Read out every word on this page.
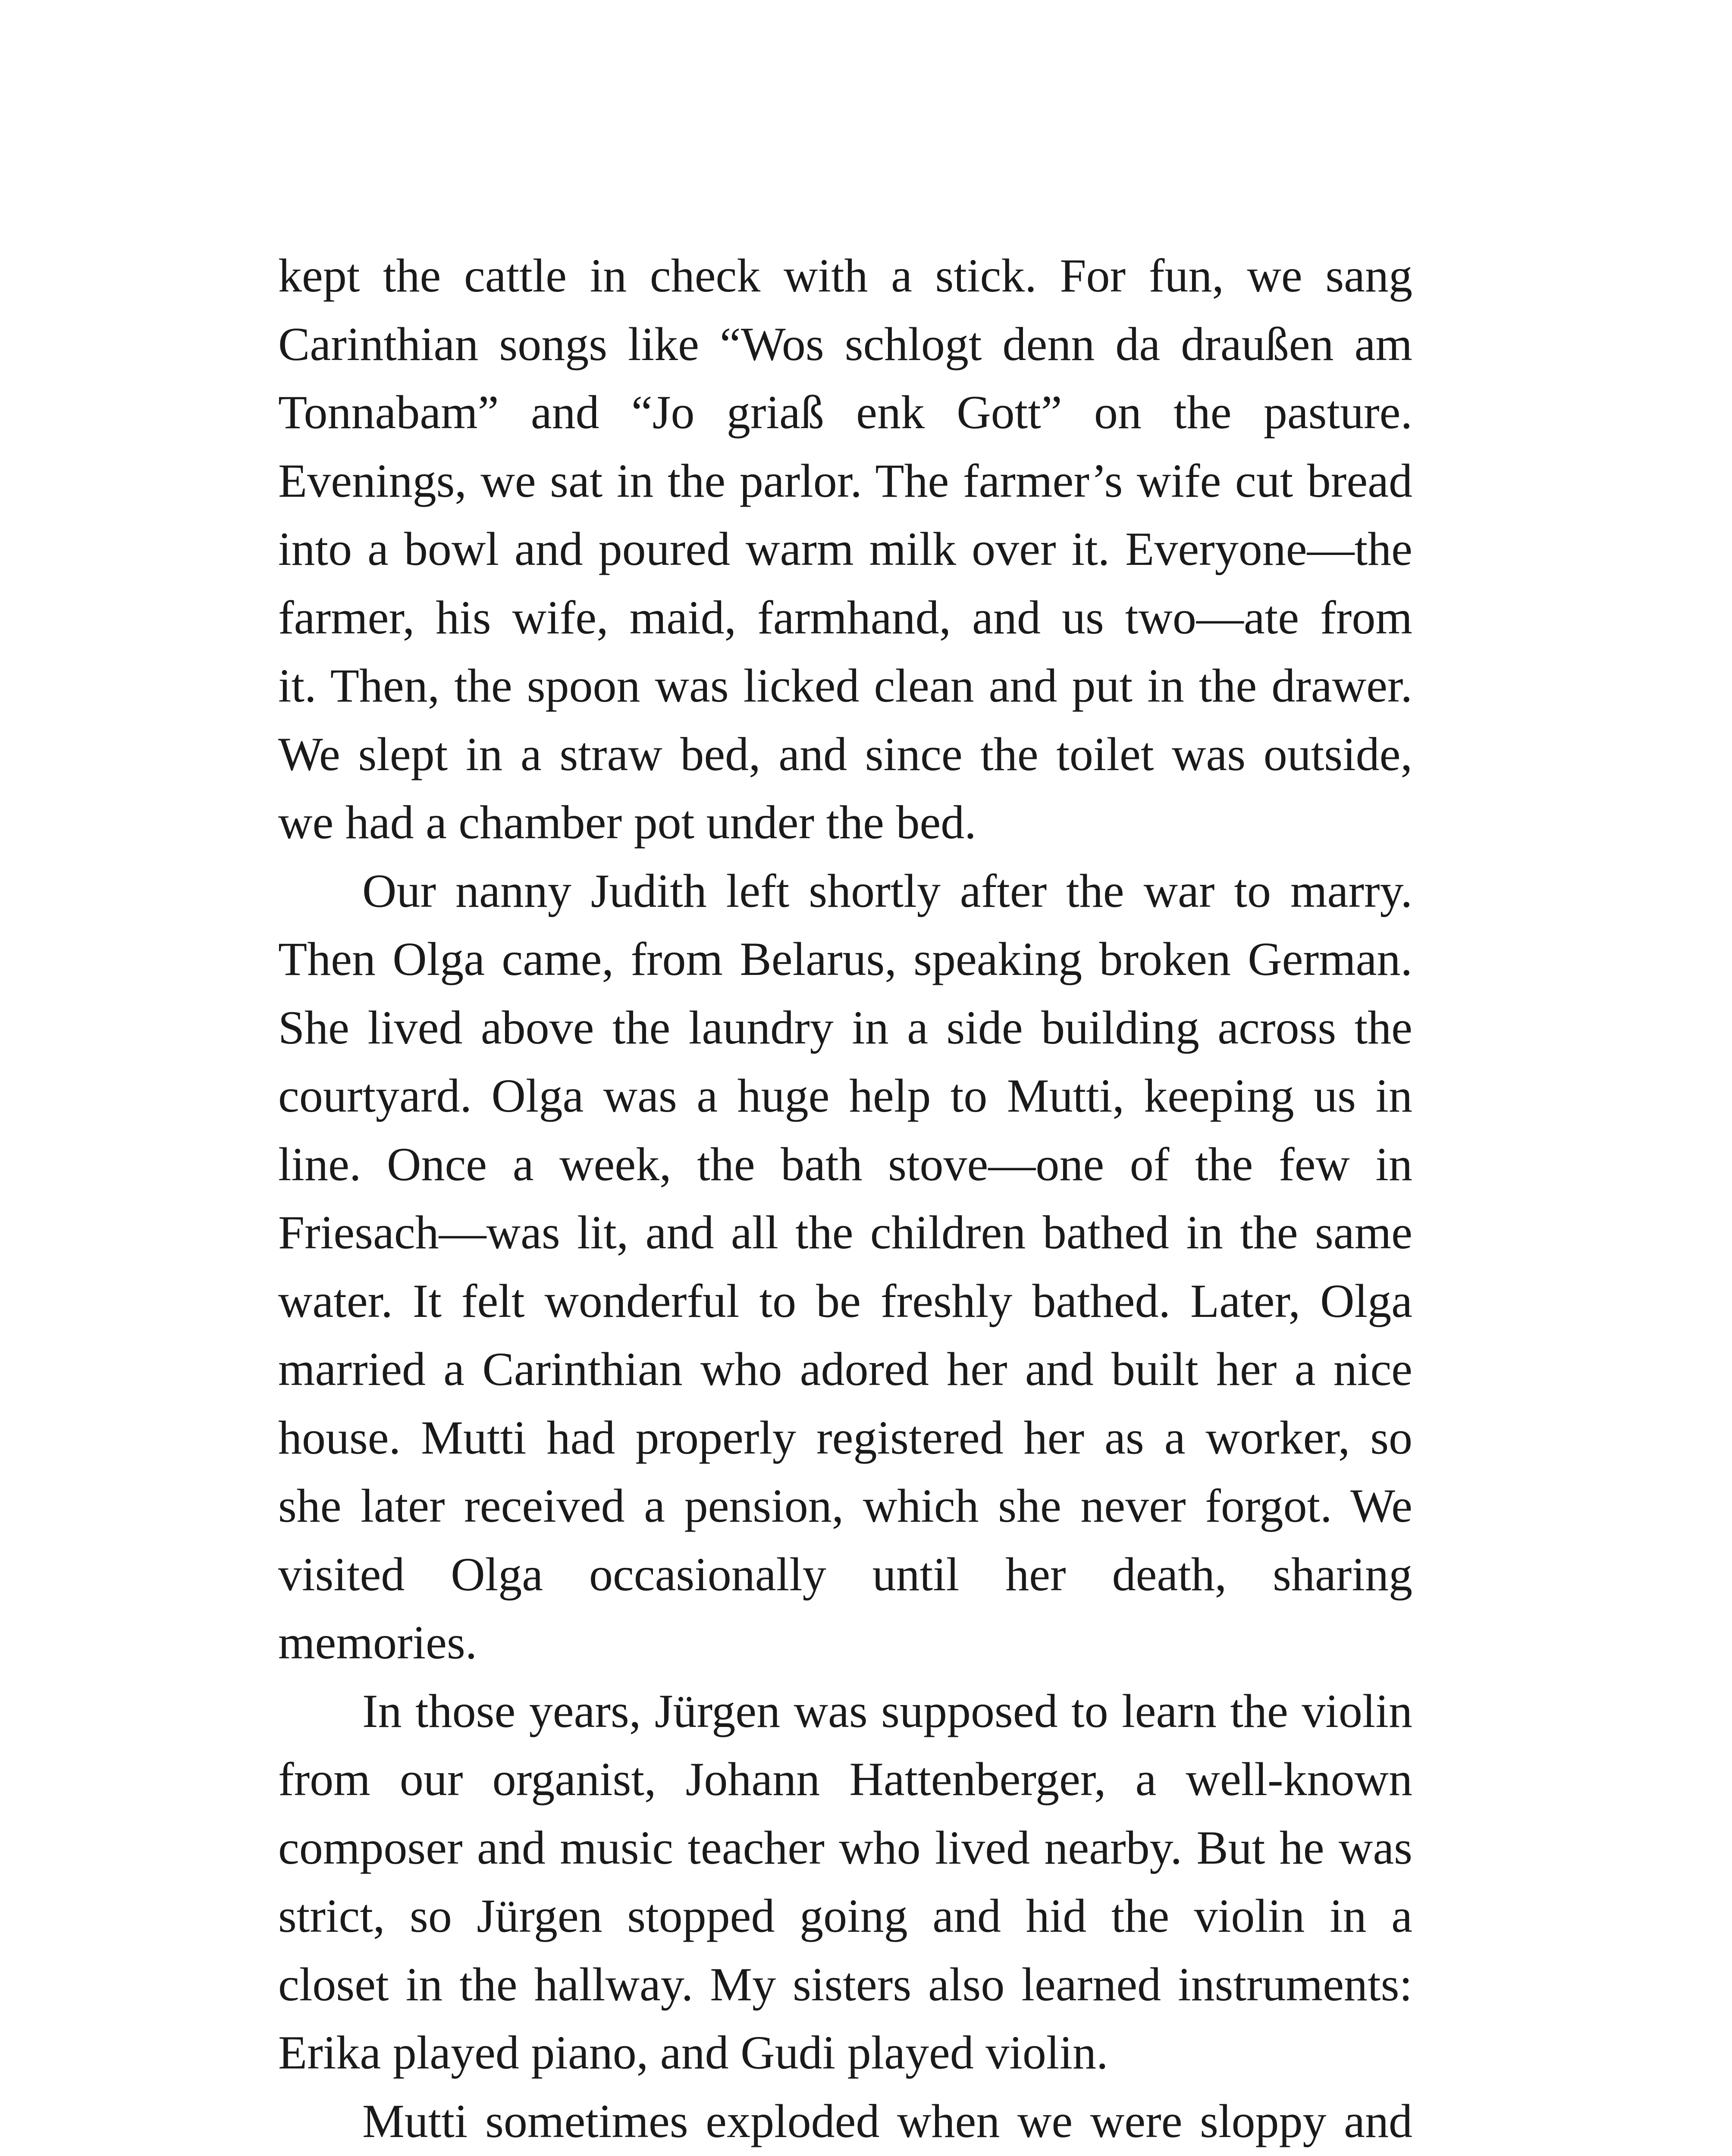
kept the cattle in check with a stick. For fun, we sang
Carinthian songs like “Wos schlogt denn da draußen am
Tonnabam” and “Jo griaß enk Gott” on the pasture.
Evenings, we sat in the parlor. The farmer’s wife cut bread
into a bowl and poured warm milk over it. Everyone—the
farmer, his wife, maid, farmhand, and us two—ate from
it. Then, the spoon was licked clean and put in the drawer.
We slept in a straw bed, and since the toilet was outside,
we had a chamber pot under the bed.
Our nanny Judith left shortly after the war to marry.
Then Olga came, from Belarus, speaking broken German.
She lived above the laundry in a side building across the
courtyard. Olga was a huge help to Mutti, keeping us in
line. Once a week, the bath stove—one of the few in
Friesach—was lit, and all the children bathed in the same
water. It felt wonderful to be freshly bathed. Later, Olga
married a Carinthian who adored her and built her a nice
house. Mutti had properly registered her as a worker, so
she later received a pension, which she never forgot. We
visited Olga occasionally until her death, sharing
memories.
In those years, Jürgen was supposed to learn the violin
from our organist, Johann Hattenberger, a well-known
composer and music teacher who lived nearby. But he was
strict, so Jürgen stopped going and hid the violin in a
closet in the hallway. My sisters also learned instruments:
Erika played piano, and Gudi played violin.
Mutti sometimes exploded when we were sloppy and
